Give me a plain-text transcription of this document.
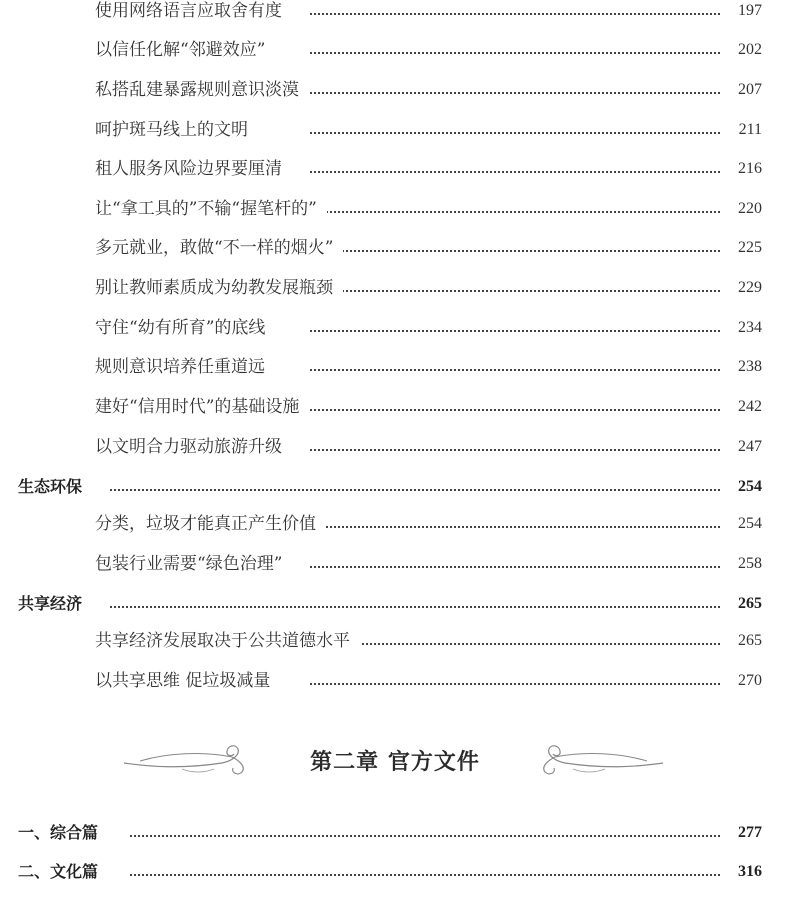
使用网络语言应取舍有度	197
以信任化解“邻避效应”	202
私搭乱建暴露规则意识淡漠	207
呵护斑马线上的文明	211
租人服务风险边界要厘清	216
让“拿工具的”不输“握笔杆的”	220
多元就业，敢做“不一样的烟火”	225
别让教师素质成为幼教发展瓶颈	229
守住“幼有所育”的底线	234
规则意识培养任重道远	238
建好“信用时代”的基础设施	242
以文明合力驱动旅游升级	247
生态环保	254
分类，垃圾才能真正产生价值	254
包装行业需要“绿色治理”	258
共享经济	265
共享经济发展取决于公共道德水平	265
以共享思维 促垃圾减量	270
第二章 官方文件
一、综合篇	277
二、文化篇	316
